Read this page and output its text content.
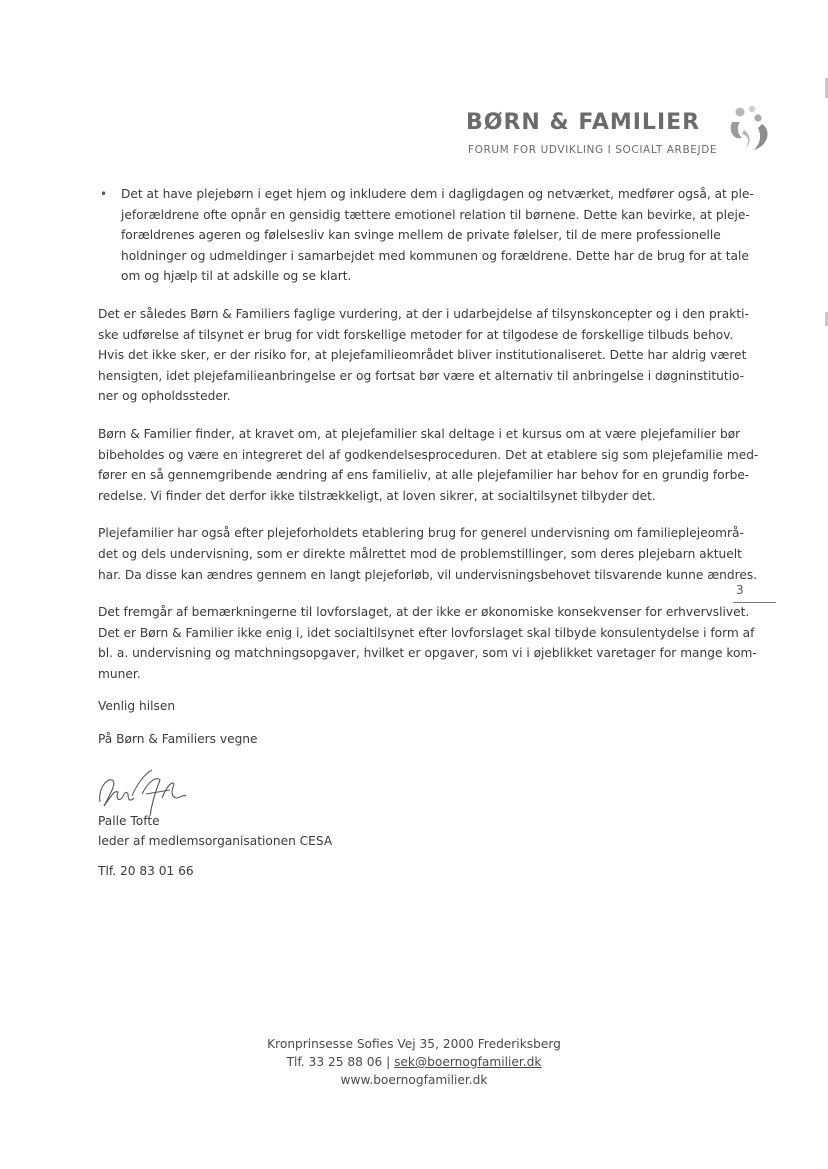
BØRN & FAMILIER
FORUM FOR UDVIKLING I SOCIALT ARBEJDE
• Det at have plejebørn i eget hjem og inkludere dem i dagligdagen og netværket, medfører også, at ple-
jeforældrene ofte opnår en gensidig tættere emotionel relation til børnene. Dette kan bevirke, at pleje-
forældrenes ageren og følelsesliv kan svinge mellem de private følelser, til de mere professionelle
holdninger og udmeldinger i samarbejdet med kommunen og forældrene. Dette har de brug for at tale
om og hjælp til at adskille og se klart.
Det er således Børn & Familiers faglige vurdering, at der i udarbejdelse af tilsynskoncepter og i den prakti-
ske udførelse af tilsynet er brug for vidt forskellige metoder for at tilgodese de forskellige tilbuds behov.
Hvis det ikke sker, er der risiko for, at plejefamilieområdet bliver institutionaliseret. Dette har aldrig været
hensigten, idet plejefamilieanbringelse er og fortsat bør være et alternativ til anbringelse i døgninstitutio-
ner og opholdssteder.
Børn & Familier finder, at kravet om, at plejefamilier skal deltage i et kursus om at være plejefamilier bør
bibeholdes og være en integreret del af godkendelsesproceduren. Det at etablere sig som plejefamilie med-
fører en så gennemgribende ændring af ens familieliv, at alle plejefamilier har behov for en grundig forbe-
redelse. Vi finder det derfor ikke tilstrækkeligt, at loven sikrer, at socialtilsynet tilbyder det.
Plejefamilier har også efter plejeforholdets etablering brug for generel undervisning om familieplejeområ-
det og dels undervisning, som er direkte målrettet mod de problemstillinger, som deres plejebarn aktuelt
har. Da disse kan ændres gennem en langt plejeforløb, vil undervisningsbehovet tilsvarende kunne ændres.
Det fremgår af bemærkningerne til lovforslaget, at der ikke er økonomiske konsekvenser for erhvervslivet.
Det er Børn & Familier ikke enig i, idet socialtilsynet efter lovforslaget skal tilbyde konsulentydelse i form af
bl. a. undervisning og matchningsopgaver, hvilket er opgaver, som vi i øjeblikket varetager for mange kom-
muner.
3
Venlig hilsen
På Børn & Familiers vegne
Palle Tofte
leder af medlemsorganisationen CESA
Tlf. 20 83 01 66
Kronprinsesse Sofies Vej 35, 2000 Frederiksberg
Tlf. 33 25 88 06 | sek@boernogfamilier.dk
www.boernogfamilier.dk
